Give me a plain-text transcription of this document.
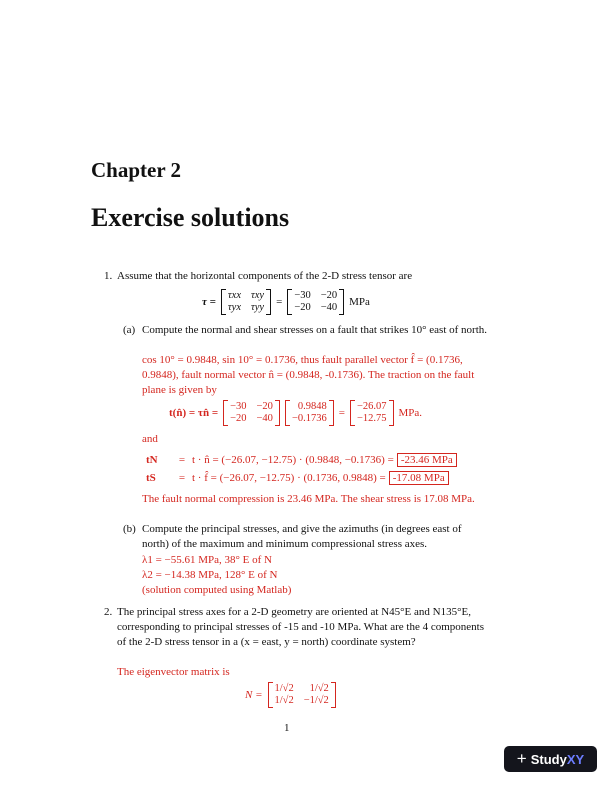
Chapter 2
Exercise solutions
1. Assume that the horizontal components of the 2-D stress tensor are
τ =
τxx τxy
τyx τyy =
−30 −20
−20 −40 MPa
(a) Compute the normal and shear stresses on a fault that strikes 10° east of north.
cos 10° = 0.9848, sin 10° = 0.1736, thus fault parallel vector f̂ = (0.1736, 0.9848), fault normal vector n̂ = (0.9848, -0.1736). The traction on the fault plane is given by
t(n̂) = τn̂ =
−30 −20
−20 −40
0.9848
−0.1736 =
−26.07
−12.75 MPa.
and
tN	= t · n̂ = (−26.07, −12.75) · (0.9848, −0.1736) = -23.46 MPa
tS	= t · f̂ = (−26.07, −12.75) · (0.1736, 0.9848) = -17.08 MPa
The fault normal compression is 23.46 MPa. The shear stress is 17.08 MPa.
(b) Compute the principal stresses, and give the azimuths (in degrees east of north) of the maximum and minimum compressional stress axes.
λ1 = −55.61 MPa, 38° E of N
λ2 = −14.38 MPa, 128° E of N
(solution computed using Matlab)
2. The principal stress axes for a 2-D geometry are oriented at N45°E and N135°E, corresponding to principal stresses of -15 and -10 MPa. What are the 4 components of the 2-D stress tensor in a (x = east, y = north) coordinate system?
The eigenvector matrix is
N =
1/√2	1/√2
1/√2 −1/√2
1
+ StudyXY
